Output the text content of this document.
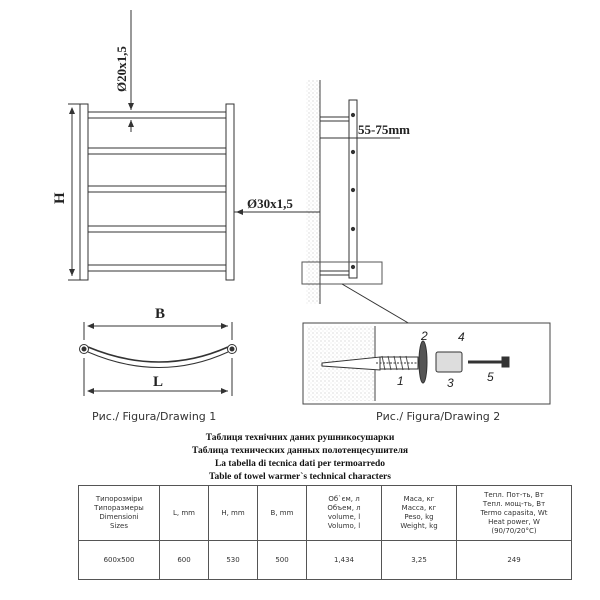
Ø20х1,5
Ø30х1,5
H
B
L
55-75mm
1
2
3
4
5
Рис./ Figura/Drawing 1	Рис./ Figura/Drawing 2
Таблиця технічних даних рушникосушарки
Таблица технических данных полотенцесушителя
La tabella di tecnica dati per termoarredo
Table of towel warmer`s technical characters
Типорозміри
Типоразмеры
Dimensioni
Sizes	L, mm	H, mm	B, mm	Об`єм, л
Объем, л
volume, l
Volumo, l	Маса, кг
Масса, кг
Peso, kg
Weight, kg	Тепл. Пот-ть, Вт
Тепл. мощ-ть, Вт
Termo capasita, Wt
Heat power, W
(90/70/20°C)

600x500	600	530	500	1,434	3,25	249
